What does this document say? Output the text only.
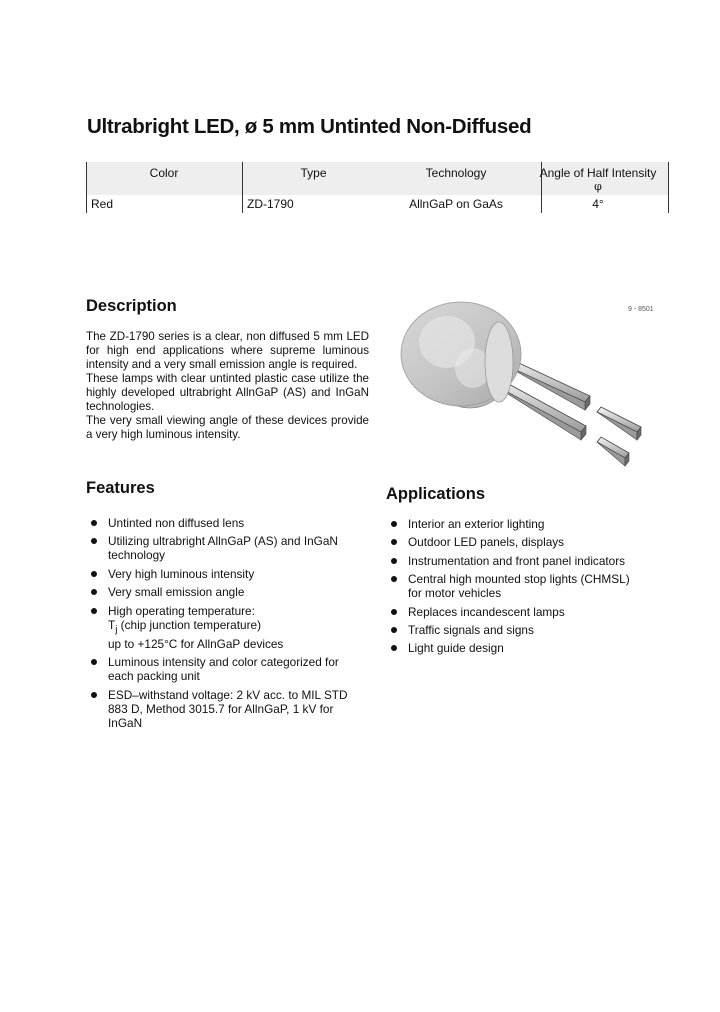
Ultrabright LED, ø 5 mm Untinted Non-Diffused
Color	Type	Technology	Angle of Half Intensity
φ
Red	ZD-1790	AllnGaP on GaAs	4°
Description

The ZD-1790 series is a clear, non diffused 5 mm LED for high end applications where supreme luminous intensity and a very small emission angle is required.

These lamps with clear untinted plastic case utilize the highly developed ultrabright AllnGaP (AS) and InGaN technologies.

The very small viewing angle of these devices provide a very high luminous intensity.

9 - 8501
Features
Untinted non diffused lens
Utilizing ultrabright AllnGaP (AS) and InGaN technology
Very high luminous intensity
Very small emission angle
High operating temperature:
$T_j$ (chip junction temperature)
up to +125°C for AllnGaP devices
Luminous intensity and color categorized for each packing unit
ESD–withstand voltage: 2 kV acc. to MIL STD 883 D, Method 3015.7 for AllnGaP, 1 kV for InGaN
Applications
Interior an exterior lighting
Outdoor LED panels, displays
Instrumentation and front panel indicators
Central high mounted stop lights (CHMSL) for motor vehicles
Replaces incandescent lamps
Traffic signals and signs
Light guide design
